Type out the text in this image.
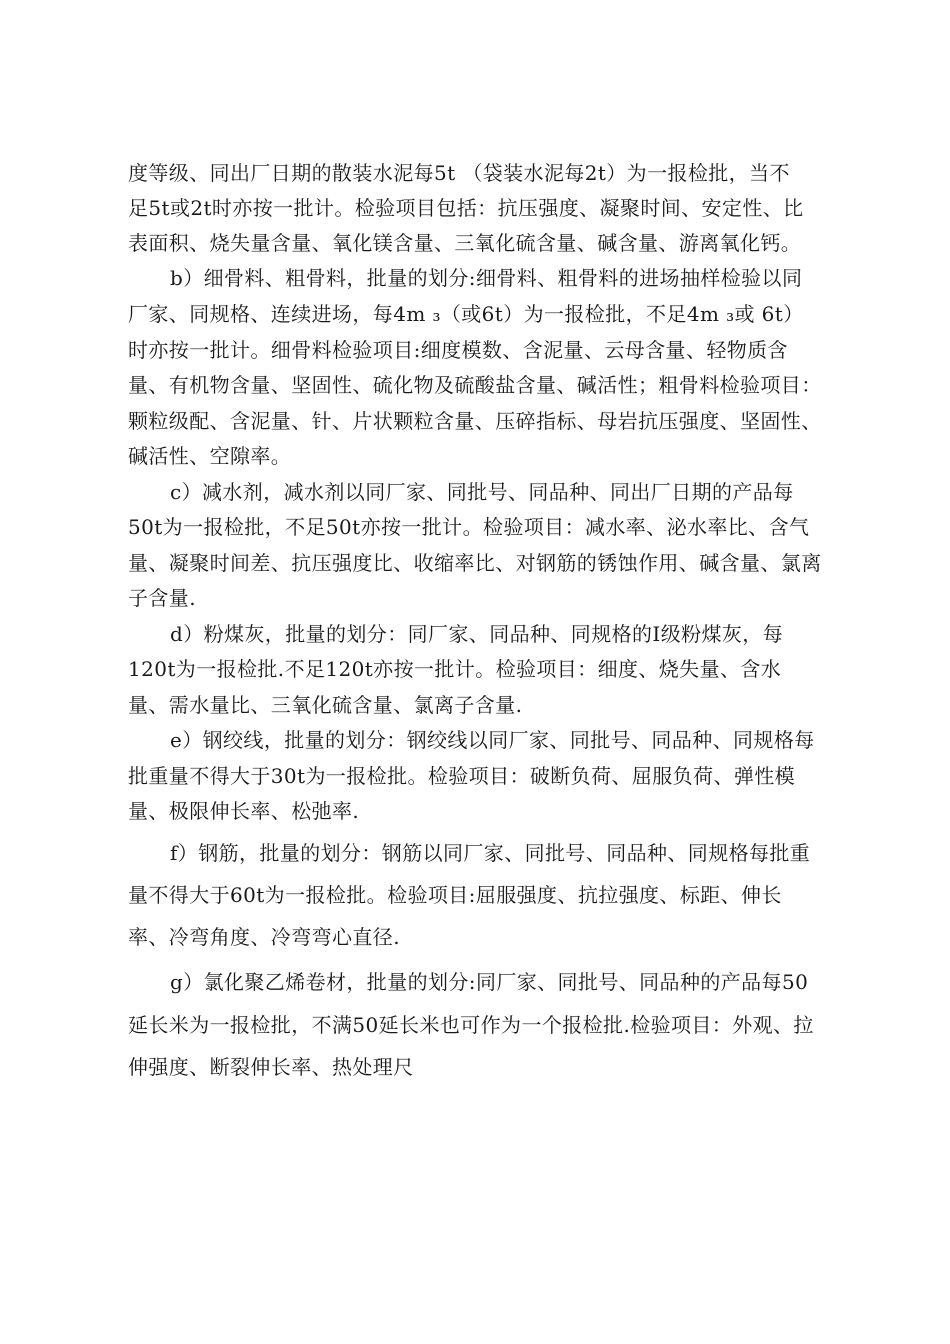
度等级、同出厂日期的散装水泥每5t （袋装水泥每2t）为一报检批，当不
足5t或2t时亦按一批计。检验项目包括：抗压强度、凝聚时间、安定性、比
表面积、烧失量含量、氧化镁含量、三氧化硫含量、碱含量、游离氧化钙。
b）细骨料、粗骨料，批量的划分:细骨料、粗骨料的进场抽样检验以同
厂家、同规格、连续进场，每4m ₃（或6t）为一报检批，不足4m ₃或 6t）
时亦按一批计。细骨料检验项目:细度模数、含泥量、云母含量、轻物质含
量、有机物含量、坚固性、硫化物及硫酸盐含量、碱活性；粗骨料检验项目：
颗粒级配、含泥量、针、片状颗粒含量、压碎指标、母岩抗压强度、坚固性、
碱活性、空隙率。
c）减水剂，减水剂以同厂家、同批号、同品种、同出厂日期的产品每
50t为一报检批，不足50t亦按一批计。检验项目：减水率、泌水率比、含气
量、凝聚时间差、抗压强度比、收缩率比、对钢筋的锈蚀作用、碱含量、氯离
子含量.
d）粉煤灰，批量的划分：同厂家、同品种、同规格的Ⅰ级粉煤灰，每
120t为一报检批.不足120t亦按一批计。检验项目：细度、烧失量、含水
量、需水量比、三氧化硫含量、氯离子含量.
e）钢绞线，批量的划分：钢绞线以同厂家、同批号、同品种、同规格每
批重量不得大于30t为一报检批。检验项目：破断负荷、屈服负荷、弹性模
量、极限伸长率、松弛率.
f）钢筋，批量的划分：钢筋以同厂家、同批号、同品种、同规格每批重
量不得大于60t为一报检批。检验项目:屈服强度、抗拉强度、标距、伸长
率、冷弯角度、冷弯弯心直径.
g）氯化聚乙烯卷材，批量的划分:同厂家、同批号、同品种的产品每50
延长米为一报检批，不满50延长米也可作为一个报检批.检验项目：外观、拉
伸强度、断裂伸长率、热处理尺
